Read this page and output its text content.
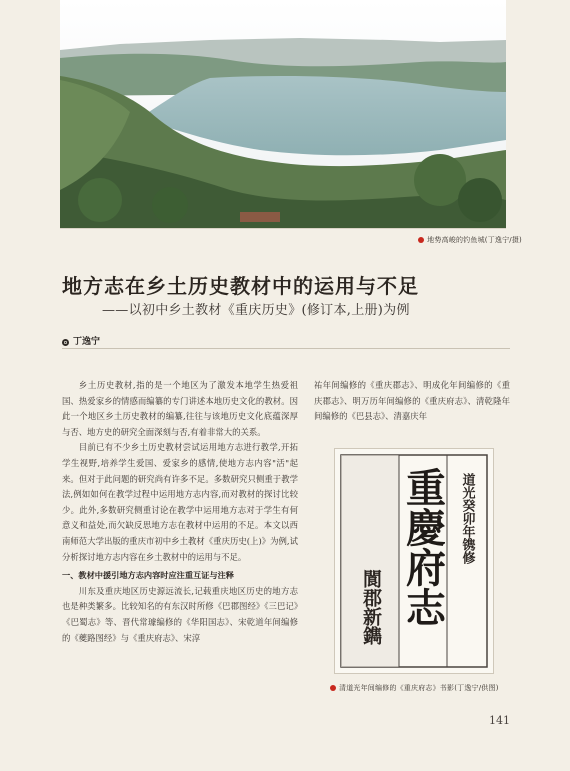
地势高峻的钓鱼城(丁逸宁/摄)
地方志在乡土历史教材中的运用与不足
——以初中乡土教材《重庆历史》(修订本,上册)为例
丁逸宁

乡土历史教材,指的是一个地区为了激发本地学生热爱祖国、热爱家乡的情感而编纂的专门讲述本地历史文化的教材。因此一个地区乡土历史教材的编纂,往往与该地历史文化底蕴深厚与否、地方史的研究全面深刻与否,有着非常大的关系。

目前已有不少乡土历史教材尝试运用地方志进行教学,开拓学生视野,培养学生爱国、爱家乡的感情,使地方志内容"活"起来。但对于此问题的研究尚有许多不足。多数研究只侧重于教学法,例如如何在教学过程中运用地方志内容,而对教材的探讨比较少。此外,多数研究侧重讨论在教学中运用地方志对于学生有何意义和益处,而欠缺反思地方志在教材中运用的不足。本文以西南师范大学出版的重庆市初中乡土教材《重庆历史(上)》为例,试分析探讨地方志内容在乡土教材中的运用与不足。

一、教材中援引地方志内容时应注重互证与注释

川东及重庆地区历史源远流长,记载重庆地区历史的地方志也是种类繁多。比较知名的有东汉时所修《巴郡图经》《三巴记》《巴蜀志》等、晋代常璩编修的《华阳国志》、宋乾道年间编修的《夔路图经》与《重庆府志》、宋淳

祐年间编修的《重庆郡志》、明成化年间编修的《重庆郡志》、明万历年间编修的《重庆府志》、清乾隆年间编修的《巴县志》、清嘉庆年

道光癸卯年镌修
重慶府志
閬郡新鐫
清道光年间编修的《重庆府志》书影(丁逸宁/供图)
141
